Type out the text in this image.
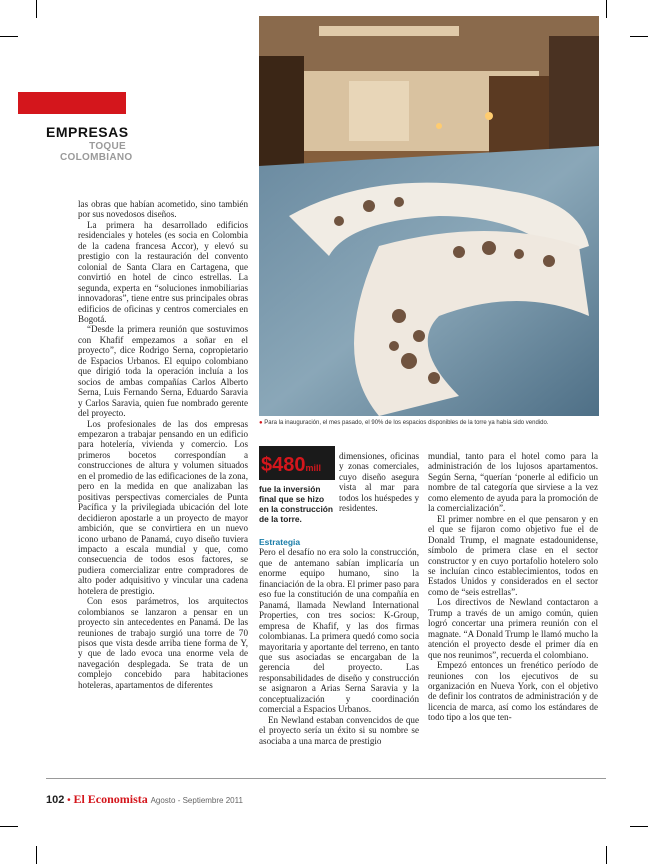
EMPRESAS
TOQUE COLOMBIANO

las obras que habían acometido, sino también por sus novedosos diseños.

La primera ha desarrollado edificios residenciales y hoteles (es socia en Colombia de la cadena francesa Accor), y elevó su prestigio con la restauración del convento colonial de Santa Clara en Cartagena, que convirtió en hotel de cinco estrellas. La segunda, experta en “soluciones inmobiliarias innovadoras”, tiene entre sus principales obras edificios de oficinas y centros comerciales en Bogotá.

“Desde la primera reunión que sostuvimos con Khafif empezamos a soñar en el proyecto”, dice Rodrigo Serna, copropietario de Espacios Urbanos. El equipo colombiano que dirigió toda la operación incluía a los socios de ambas compañías Carlos Alberto Serna, Luis Fernando Serna, Eduardo Saravia y Carlos Saravia, quien fue nombrado gerente del proyecto.

Los profesionales de las dos empresas empezaron a trabajar pensando en un edificio para hotelería, vivienda y comercio. Los primeros bocetos correspondían a construcciones de altura y volumen situados en el promedio de las edificaciones de la zona, pero en la medida en que analizaban las positivas perspectivas comerciales de Punta Pacífica y la privilegiada ubicación del lote decidieron apostarle a un proyecto de mayor ambición, que se convirtiera en un nuevo icono urbano de Panamá, cuyo diseño tuviera impacto a escala mundial y que, como consecuencia de todos esos factores, se pudiera comercializar entre compradores de alto poder adquisitivo y vincular una cadena hotelera de prestigio.

Con esos parámetros, los arquitectos colombianos se lanzaron a pensar en un proyecto sin antecedentes en Panamá. De las reuniones de trabajo surgió una torre de 70 pisos que vista desde arriba tiene forma de Y, y que de lado evoca una enorme vela de navegación desplegada. Se trata de un complejo concebido para habitaciones hoteleras, apartamentos de diferentes

● Para la inauguración, el mes pasado, el 90% de los espacios disponibles de la torre ya había sido vendido.
$480mill
fue la inversión final que se hizo en la construcción de la torre.

dimensiones, oficinas y zonas comerciales, cuyo diseño asegura vista al mar para todos los huéspedes y residentes.

Estrategia

Pero el desafío no era solo la construcción, que de antemano sabían implicaría un enorme equipo humano, sino la financiación de la obra. El primer paso para eso fue la constitución de una compañía en Panamá, llamada Newland International Properties, con tres socios: K-Group, empresa de Khafif, y las dos firmas colombianas. La primera quedó como socia mayoritaria y aportante del terreno, en tanto que sus asociadas se encargaban de la gerencia del proyecto. Las responsabilidades de diseño y construcción se asignaron a Arias Serna Saravia y la conceptualización y coordinación comercial a Espacios Urbanos.

En Newland estaban convencidos de que el proyecto sería un éxito si su nombre se asociaba a una marca de prestigio

mundial, tanto para el hotel como para la administración de los lujosos apartamentos. Según Serna, “querían ‘ponerle al edificio un nombre de tal categoría que sirviese a la vez como elemento de ayuda para la promoción de la comercialización”.

El primer nombre en el que pensaron y en el que se fijaron como objetivo fue el de Donald Trump, el magnate estadounidense, símbolo de primera clase en el sector constructor y en cuyo portafolio hotelero solo se incluían cinco establecimientos, todos en Estados Unidos y considerados en el sector como de “seis estrellas”.

Los directivos de Newland contactaron a Trump a través de un amigo común, quien logró concertar una primera reunión con el magnate. “A Donald Trump le llamó mucho la atención el proyecto desde el primer día en que nos reunimos”, recuerda el colombiano.

Empezó entonces un frenético período de reuniones con los ejecutivos de su organización en Nueva York, con el objetivo de definir los contratos de administración y de licencia de marca, así como los estándares de todo tipo a los que ten-

102 • El Economista Agosto - Septiembre 2011
